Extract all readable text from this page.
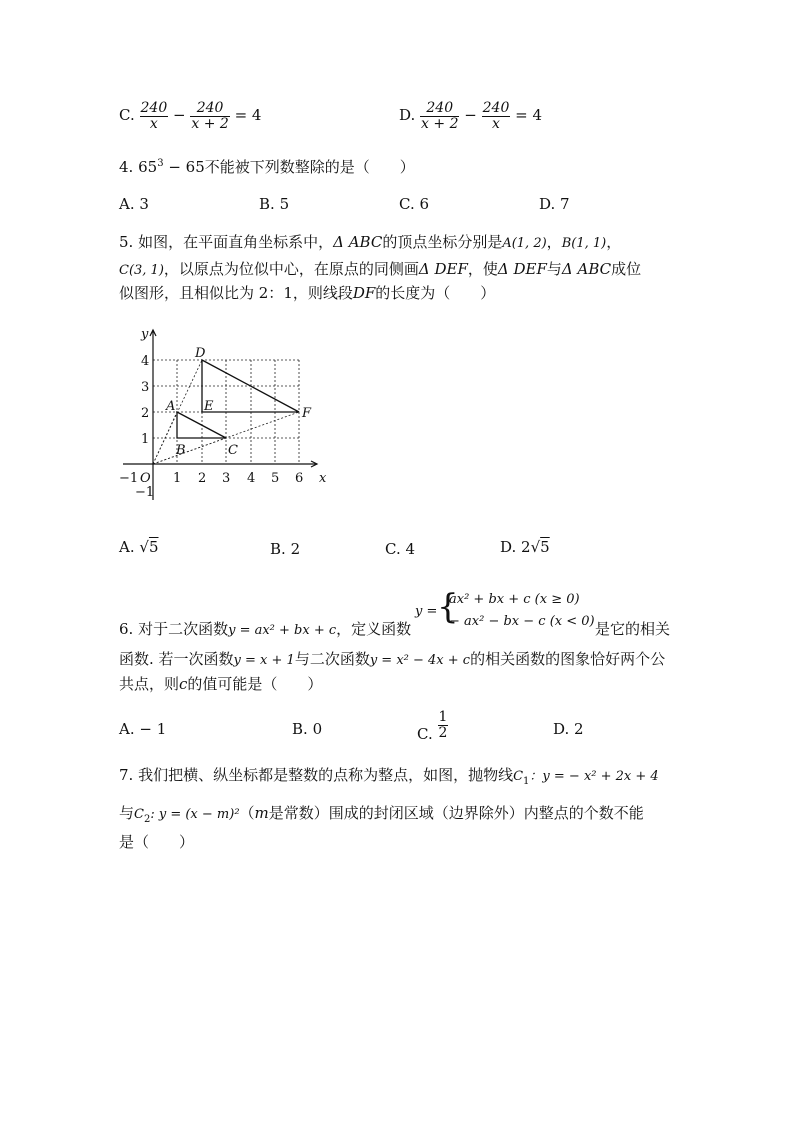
C. $\frac{240}{x} - \frac{240}{x + 2} = 4$	D. $\frac{240}{x + 2} - \frac{240}{x} = 4$
4. $65^3 - 65$不能被下列数整除的是（　　）
A. 3	B. 5	C. 6	D. 7
5. 如图，在平面直角坐标系中，Δ ABC的顶点坐标分别是A(1, 2)，B(1, 1)，
C(3, 1)，以原点为位似中心，在原点的同侧画Δ DEF，使Δ DEF与Δ ABC成位
似图形，且相似比为 2：1，则线段DF的长度为（　　）
x
y
O
−1	1 2 3 4 5 6
−1
1
2
3
4
A
B	C
D
E	F
A. √5	B. 2	C. 4	D. 2√5
6. 对于二次函数y = ax² + bx + c，定义函数
y = {
ax² + bx + c (x ≥ 0)
− ax² − bx − c (x < 0) 是它的相关
函数. 若一次函数y = x + 1与二次函数y = x² − 4x + c的相关函数的图象恰好两个公
共点，则c的值可能是（　　）
A. − 1	B. 0	C. $\frac{1}{2}$	D. 2
7. 我们把横、纵坐标都是整数的点称为整点，如图，抛物线$C_1$：y = − x² + 2x + 4
与$C_2$: y = (x − m)²（m是常数）围成的封闭区域（边界除外）内整点的个数不能
是（　　）
